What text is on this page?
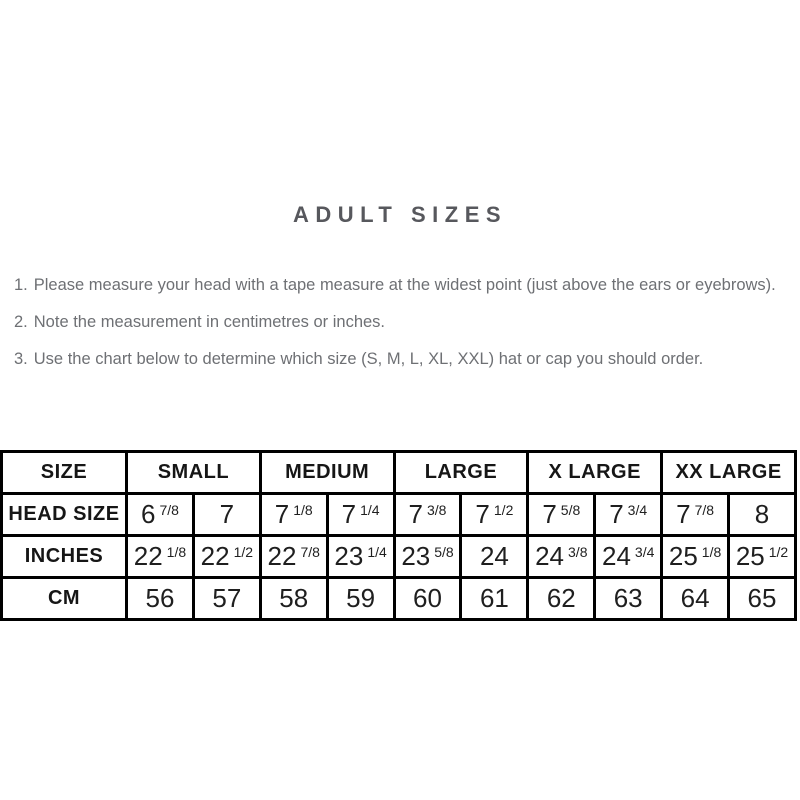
ADULT SIZES
1. Please measure your head with a tape measure at the widest point (just above the ears or eyebrows).
2. Note the measurement in centimetres or inches.
3. Use the chart below to determine which size (S, M, L, XL, XXL) hat or cap you should order.
SIZE	SMALL		MEDIUM		LARGE		X LARGE		XX LARGE	
HEAD SIZE	6 $^{7/8}$	7	7 $^{1/8}$	7 $^{1/4}$	7 $^{3/8}$	7 $^{1/2}$	7 $^{5/8}$	7 $^{3/4}$	7 $^{7/8}$	8
INCHES	22 $^{1/8}$	22 $^{1/2}$	22 $^{7/8}$	23 $^{1/4}$	23 $^{5/8}$	24	24 $^{3/8}$	24 $^{3/4}$	25 $^{1/8}$	25 $^{1/2}$
CM	56	57	58	59	60	61	62	63	64	65
